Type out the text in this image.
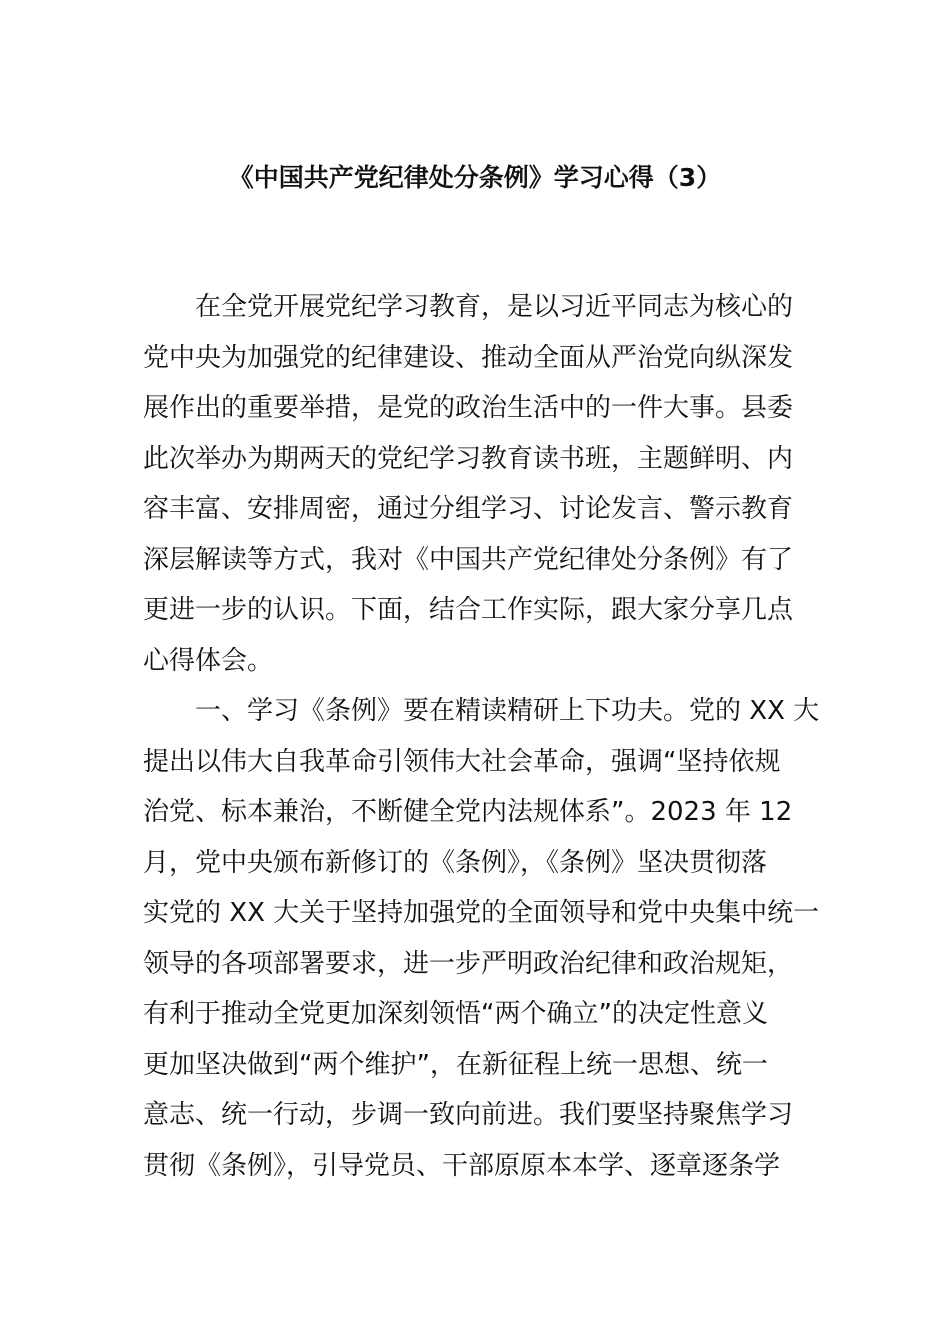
《中国共产党纪律处分条例》学习心得（3）
在全党开展党纪学习教育，是以习近平同志为核心的
党中央为加强党的纪律建设、推动全面从严治党向纵深发
展作出的重要举措，是党的政治生活中的一件大事。县委
此次举办为期两天的党纪学习教育读书班，主题鲜明、内
容丰富、安排周密，通过分组学习、讨论发言、警示教育
深层解读等方式，我对《中国共产党纪律处分条例》有了
更进一步的认识。下面，结合工作实际，跟大家分享几点
心得体会。
一、学习《条例》要在精读精研上下功夫。党的 XX 大
提出以伟大自我革命引领伟大社会革命，强调“坚持依规
治党、标本兼治，不断健全党内法规体系”。2023 年 12
月，党中央颁布新修订的《条例》，《条例》坚决贯彻落
实党的 XX 大关于坚持加强党的全面领导和党中央集中统一
领导的各项部署要求，进一步严明政治纪律和政治规矩，
有利于推动全党更加深刻领悟“两个确立”的决定性意义
更加坚决做到“两个维护”，在新征程上统一思想、统一
意志、统一行动，步调一致向前进。我们要坚持聚焦学习
贯彻《条例》，引导党员、干部原原本本学、逐章逐条学
